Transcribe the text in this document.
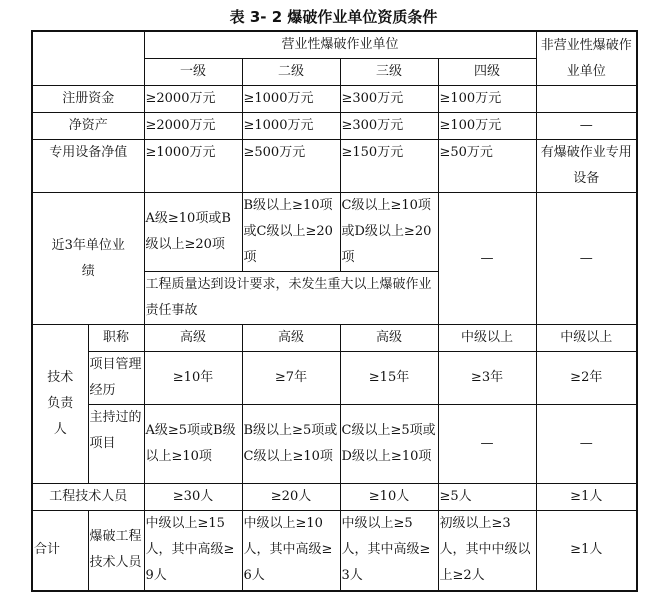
表 3- 2 爆破作业单位资质条件
		营业性爆破作业单位				非营业性爆破作业单位
		一级	二级	三级	四级	
注册资金		≥2000万元	≥1000万元	≥300万元	≥100万元	
净资产		≥2000万元	≥1000万元	≥300万元	≥100万元	—
专用设备净值		≥1000万元	≥500万元	≥150万元	≥50万元	有爆破作业专用设备
近3年单位业绩		A级≥10项或B级以上≥20项	B级以上≥10项或C级以上≥20项	C级以上≥10项或D级以上≥20项	—	—
		工程质量达到设计要求，未发生重大以上爆破作业责任事故				
技术负责人	职称	高级	高级	高级	中级以上	中级以上
	项目管理经历	≥10年	≥7年	≥15年	≥3年	≥2年
	主持过的项目	A级≥5项或B级以上≥10项	B级以上≥5项或C级以上≥10项	C级以上≥5项或D级以上≥10项	—	—
工程技术人员		≥30人	≥20人	≥10人	≥5人	≥1人
合计	爆破工程技术人员	中级以上≥15人，其中高级≥9人	中级以上≥10人，其中高级≥6人	中级以上≥5人，其中高级≥3人	初级以上≥3人，其中中级以上≥2人	≥1人
